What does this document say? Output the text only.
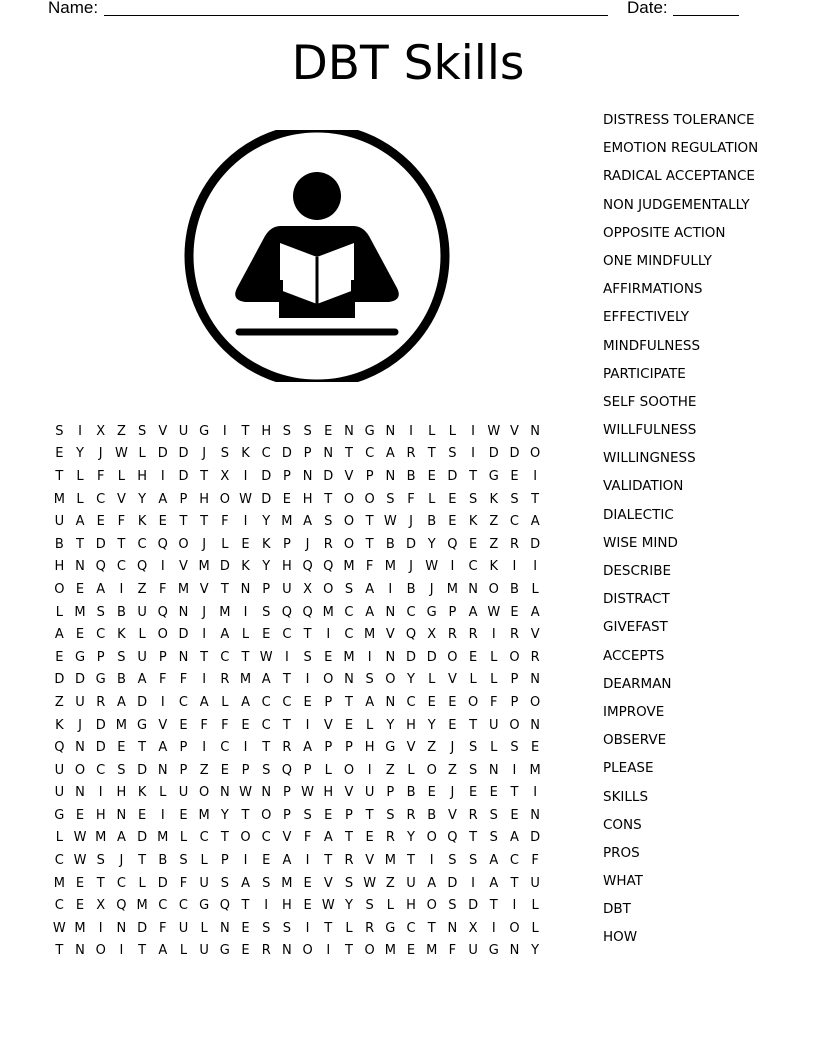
Name:	Date:
DBT Skills
S	I	X Z S V U G	I	T H S S E N G N	I	L	L	I W V N
E Y	J W L D D	J	S K C D P N T C A R T S	I	D D O
T	L	F	L H	I	D T X	I	D P N D V P N B E D T G E	I
M L C V Y A P H O W D E H T O O S F	L E S K S T
U A E F K E T T F	I	Y M A S O T W J	B E K Z C A
B T D T C Q O	J	L E K P	J	R O T B D Y Q E Z R D
H N Q C Q	I	V M D K Y H Q Q M F M	J W I	C K	I	I
O E A	I	Z F M V T N P U X O S A	I	B	J	M N O B L
L M S B U Q N	J	M	I	S Q Q M C A N C G P A W E A
A E C K L O D	I	A L E C T	I	C M V Q X R R	I	R V
E G P S U P N T C T W I	S E M	I	N D D O E L O R
D D G B A F	F	I	R M A T	I	O N S O Y	L V L	L	P N
Z U R A D	I	C A L A C C E P T A N C E E O F	P O
K	J	D M G V E F	F E C T	I	V E L	Y H Y E T U O N
Q N D E T A P	I	C	I	T R A P P H G V Z	J	S L S E
U O C S D N P Z E P S Q P	L O	I	Z L O Z S N	I	M
U N	I	H K L U O N W N P W H V U P B E	J	E E T	I
G E H N E	I	E M Y T O P S E P T S R B V R S E N
L W M A D M L C T O C V F A T E R Y O Q T S A D
C W S	J	T B S L	P	I	E A	I	T R V M T	I	S S A C F
M E T C L D F U S A S M E V S W Z U A D	I	A T U
C E X Q M C C G Q T	I	H E W Y S L H O S D T	I	L
W M	I	N D F U L N E S S	I	T	L R G C T N X	I	O L
T N O	I	T A L U G E R N O	I	T O M E M F U G N Y
DISTRESS TOLERANCE
EMOTION REGULATION
RADICAL ACCEPTANCE
NON JUDGEMENTALLY
OPPOSITE ACTION
ONE MINDFULLY
AFFIRMATIONS
EFFECTIVELY
MINDFULNESS
PARTICIPATE
SELF SOOTHE
WILLFULNESS
WILLINGNESS
VALIDATION
DIALECTIC
WISE MIND
DESCRIBE
DISTRACT
GIVEFAST
ACCEPTS
DEARMAN
IMPROVE
OBSERVE
PLEASE
SKILLS
CONS
PROS
WHAT
DBT
HOW
